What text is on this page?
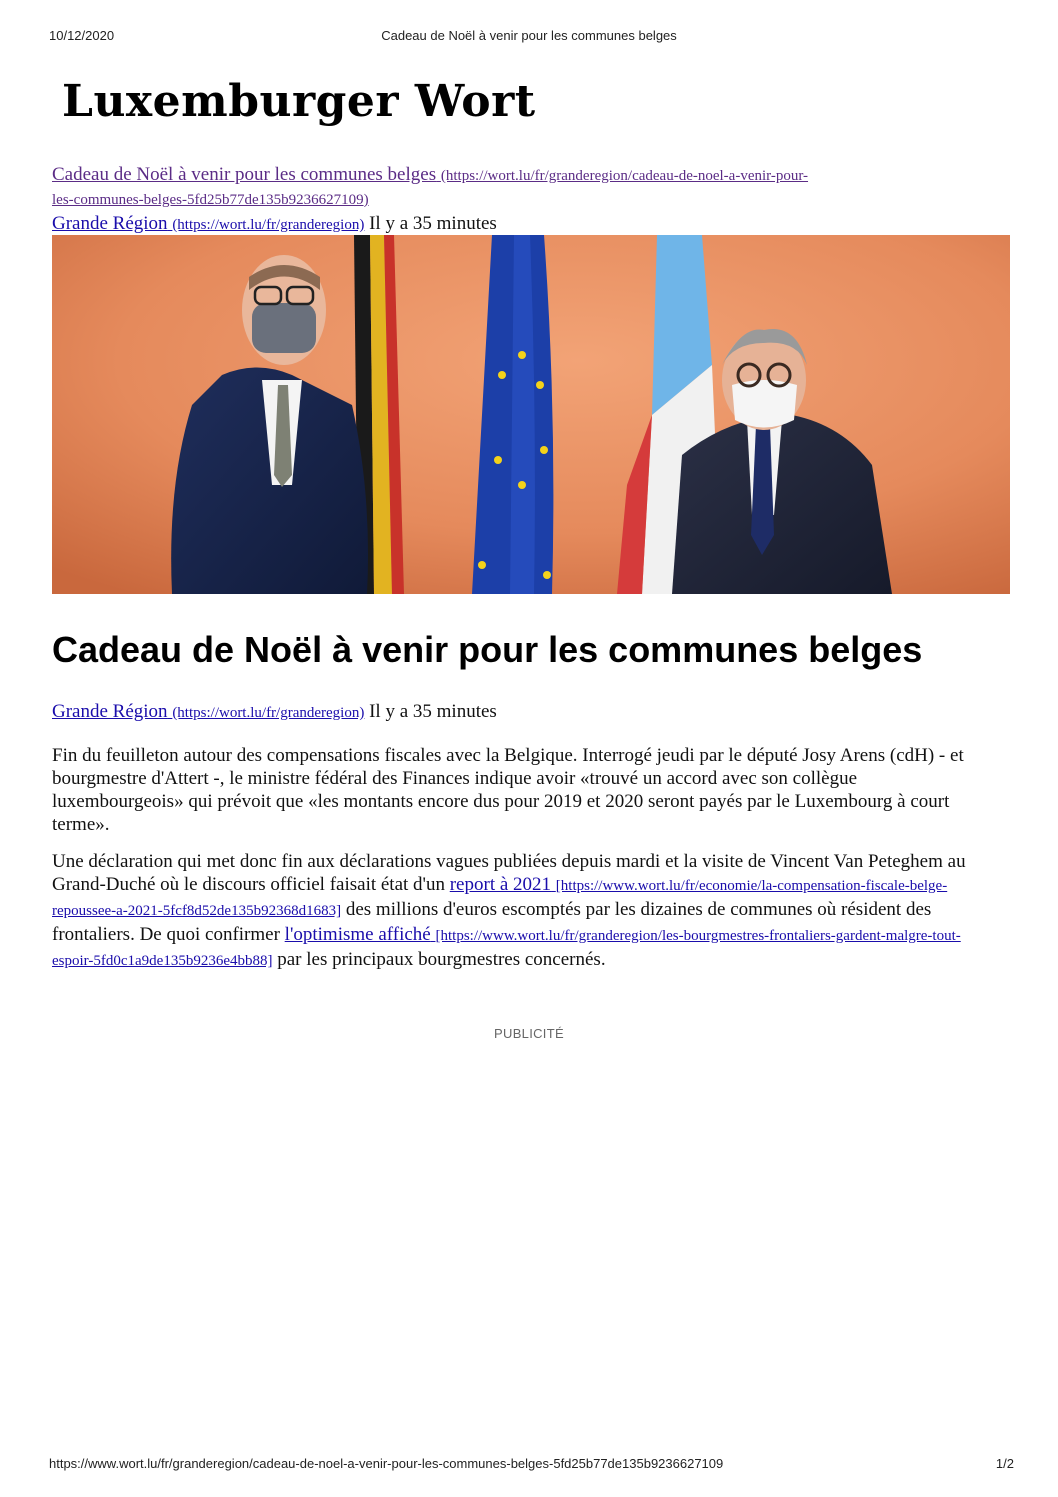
10/12/2020	Cadeau de Noël à venir pour les communes belges
Luxemburger Wort
Cadeau de Noël à venir pour les communes belges (https://wort.lu/fr/granderegion/cadeau-de-noel-a-venir-pour-
les-communes-belges-5fd25b77de135b9236627109)
Grande Région (https://wort.lu/fr/granderegion) Il y a 35 minutes
Cadeau de Noël à venir pour les communes belges
Grande Région (https://wort.lu/fr/granderegion) Il y a 35 minutes

Fin du feuilleton autour des compensations fiscales avec la Belgique. Interrogé jeudi par le député Josy Arens (cdH) - et bourgmestre d'Attert -, le ministre fédéral des Finances indique avoir «trouvé un accord avec son collègue luxembourgeois» qui prévoit que «les montants encore dus pour 2019 et 2020 seront payés par le Luxembourg à court terme».

Une déclaration qui met donc fin aux déclarations vagues publiées depuis mardi et la visite de Vincent Van Peteghem au Grand-Duché où le discours officiel faisait état d'un report à 2021 [https://www.wort.lu/fr/economie/la-compensation-fiscale-belge-repoussee-a-2021-5fcf8d52de135b92368d1683] des millions d'euros escomptés par les dizaines de communes où résident des frontaliers. De quoi confirmer l'optimisme affiché [https://www.wort.lu/fr/granderegion/les-bourgmestres-frontaliers-gardent-malgre-tout-espoir-5fd0c1a9de135b9236e4bb88] par les principaux bourgmestres concernés.

PUBLICITÉ
https://www.wort.lu/fr/granderegion/cadeau-de-noel-a-venir-pour-les-communes-belges-5fd25b77de135b9236627109	1/2
